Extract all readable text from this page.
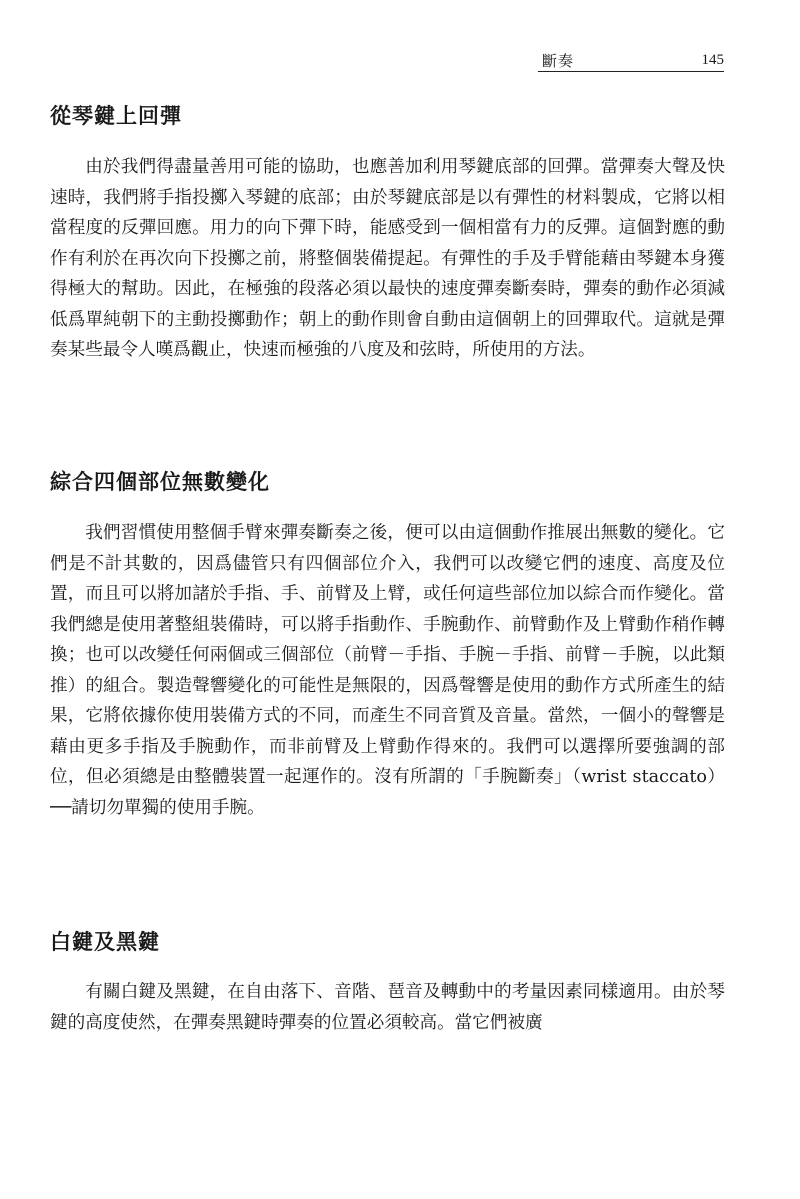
斷奏	145
從琴鍵上回彈

由於我們得盡量善用可能的協助，也應善加利用琴鍵底部的回彈。當彈奏大聲及快速時，我們將手指投擲入琴鍵的底部；由於琴鍵底部是以有彈性的材料製成，它將以相當程度的反彈回應。用力的向下彈下時，能感受到一個相當有力的反彈。這個對應的動作有利於在再次向下投擲之前，將整個裝備提起。有彈性的手及手臂能藉由琴鍵本身獲得極大的幫助。因此，在極強的段落必須以最快的速度彈奏斷奏時，彈奏的動作必須減低爲單純朝下的主動投擲動作；朝上的動作則會自動由這個朝上的回彈取代。這就是彈奏某些最令人嘆爲觀止，快速而極強的八度及和弦時，所使用的方法。

綜合四個部位無數變化

我們習慣使用整個手臂來彈奏斷奏之後，便可以由這個動作推展出無數的變化。它們是不計其數的，因爲儘管只有四個部位介入，我們可以改變它們的速度、高度及位置，而且可以將加諸於手指、手、前臂及上臂，或任何這些部位加以綜合而作變化。當我們總是使用著整組裝備時，可以將手指動作、手腕動作、前臂動作及上臂動作稍作轉換；也可以改變任何兩個或三個部位（前臂－手指、手腕－手指、前臂－手腕，以此類推）的組合。製造聲響變化的可能性是無限的，因爲聲響是使用的動作方式所產生的結果，它將依據你使用裝備方式的不同，而產生不同音質及音量。當然，一個小的聲響是藉由更多手指及手腕動作，而非前臂及上臂動作得來的。我們可以選擇所要強調的部位，但必須總是由整體裝置一起運作的。沒有所謂的「手腕斷奏」（wrist staccato）──請切勿單獨的使用手腕。

白鍵及黑鍵

有關白鍵及黑鍵，在自由落下、音階、琶音及轉動中的考量因素同樣適用。由於琴鍵的高度使然，在彈奏黑鍵時彈奏的位置必須較高。當它們被廣
